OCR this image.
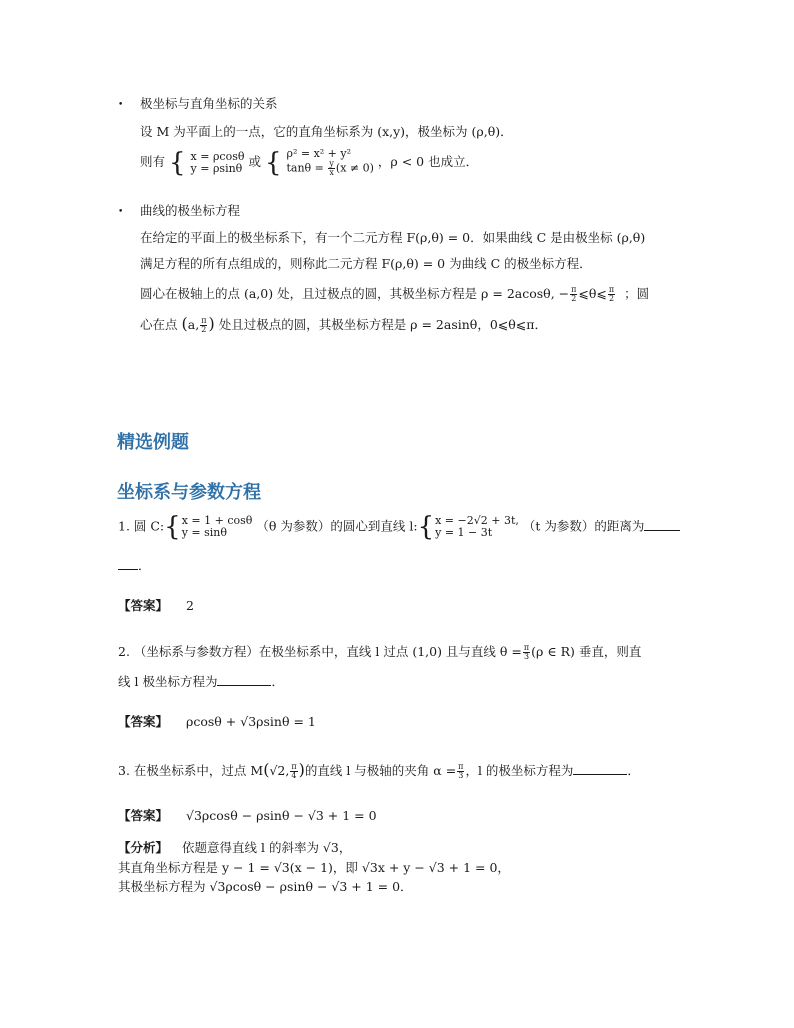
• 极坐标与直角坐标的关系
设 M 为平面上的一点，它的直角坐标系为 (x,y)，极坐标为 (ρ,θ)．
则有 { x = ρcosθ
y = ρsinθ 或 { ρ² = x² + y²
$\tan\theta = \frac{y}{x} (x \ne 0)$ ，ρ < 0 也成立．
• 曲线的极坐标方程
在给定的平面上的极坐标系下，有一个二元方程 F(ρ,θ) = 0．如果曲线 C 是由极坐标 (ρ,θ)
满足方程的所有点组成的，则称此二元方程 F(ρ,θ) = 0 为曲线 C 的极坐标方程．
圆心在极轴上的点 (a,0) 处，且过极点的圆，其极坐标方程是 ρ = 2acosθ, − $\frac{\pi}{2}$ ⩽θ⩽ $\frac{\pi}{2}$ ；圆
心在点 (a, $\frac{\pi}{2}$ ) 处且过极点的圆，其极坐标方程是 ρ = 2asinθ，0⩽θ⩽π．
精选例题
坐标系与参数方程
1. 圆 C:{ x = 1 + cosθ
y = sinθ	（θ 为参数）的圆心到直线 l:{ x = −2√2 + 3t,
y = 1 − 3t	（t 为参数）的距离为
．
【答案】 2
2. （坐标系与参数方程）在极坐标系中，直线 l 过点 (1,0) 且与直线 $\theta = \frac{\pi}{3} (\rho$ ∈ R) 垂直，则直
线 l 极坐标方程为	．
【答案】 ρcosθ + √3ρsinθ = 1
3. 在极坐标系中，过点 M(√2, $\frac{\pi}{4}$ )的直线 l 与极轴的夹角 $\alpha = \frac{\pi}{3}$ ，l 的极坐标方程为	．
【答案】 √3ρcosθ − ρsinθ − √3 + 1 = 0
【分析】 依题意得直线 l 的斜率为 √3，
其直角坐标方程是 y − 1 = √3(x − 1)，即 √3x + y − √3 + 1 = 0，
其极坐标方程为 √3ρcosθ − ρsinθ − √3 + 1 = 0．
